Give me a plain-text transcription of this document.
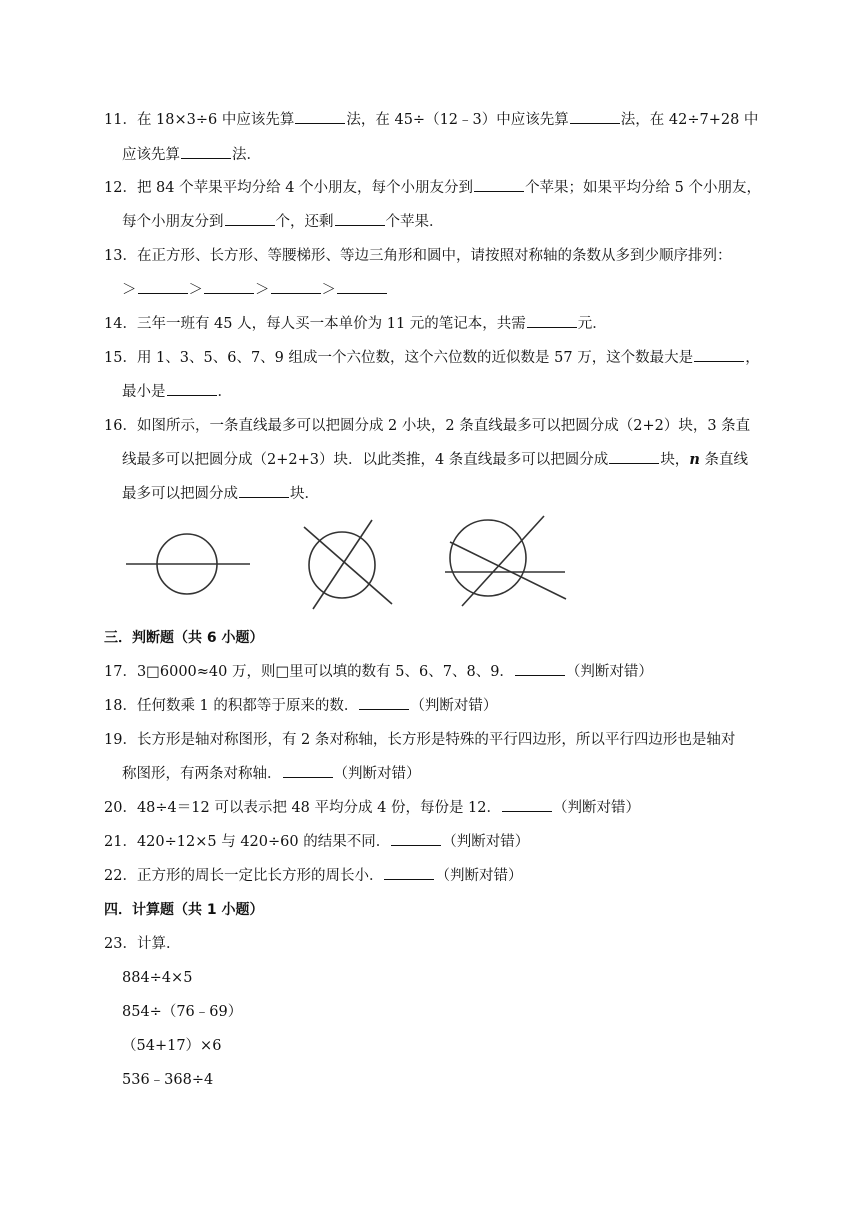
11．在 18×3÷6 中应该先算	法，在 45÷（12﹣3）中应该先算	法，在 42÷7+28 中
应该先算	法．
12．把 84 个苹果平均分给 4 个小朋友，每个小朋友分到	个苹果；如果平均分给 5 个小朋友，
每个小朋友分到	个，还剩	个苹果．
13．在正方形、长方形、等腰梯形、等边三角形和圆中，请按照对称轴的条数从多到少顺序排列：
＞	＞	＞	＞
14．三年一班有 45 人，每人买一本单价为 11 元的笔记本，共需	元．
15．用 1、3、5、6、7、9 组成一个六位数，这个六位数的近似数是 57 万，这个数最大是	，
最小是	．
16．如图所示，一条直线最多可以把圆分成 2 小块，2 条直线最多可以把圆分成（2+2）块，3 条直
线最多可以把圆分成（2+2+3）块．以此类推，4 条直线最多可以把圆分成	块，n 条直线
最多可以把圆分成	块．
三．判断题（共 6 小题）
17．3□6000≈40 万，则□里可以填的数有 5、6、7、8、9．	（判断对错）
18．任何数乘 1 的积都等于原来的数．	（判断对错）
19．长方形是轴对称图形，有 2 条对称轴，长方形是特殊的平行四边形，所以平行四边形也是轴对
称图形，有两条对称轴．	（判断对错）
20．48÷4＝12 可以表示把 48 平均分成 4 份，每份是 12．	（判断对错）
21．420÷12×5 与 420÷60 的结果不同．	（判断对错）
22．正方形的周长一定比长方形的周长小．	（判断对错）
四．计算题（共 1 小题）
23．计算．
884÷4×5
854÷（76﹣69）
（54+17）×6
536﹣368÷4
